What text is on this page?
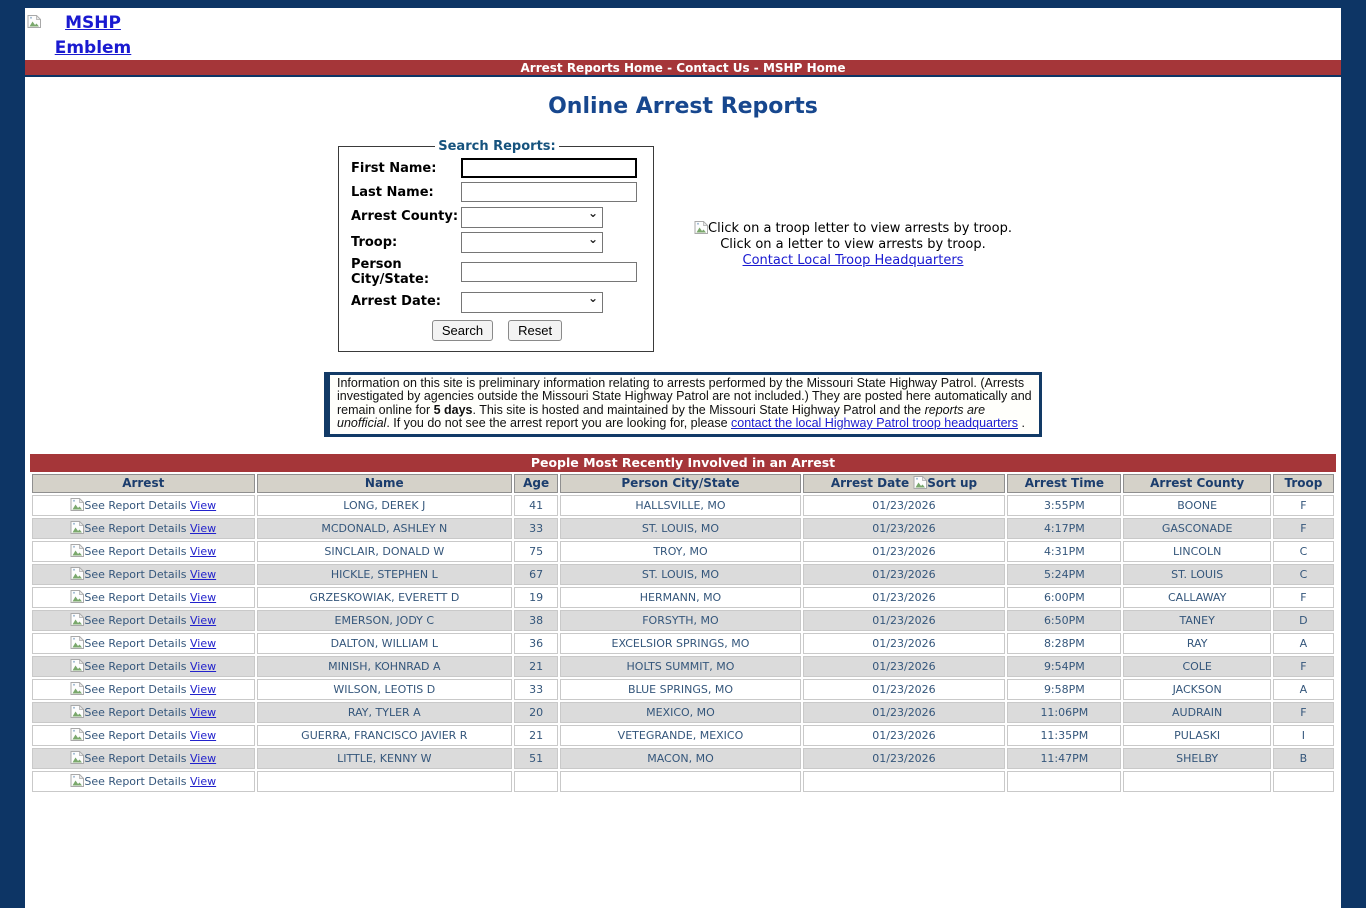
MSHP Emblem
Arrest Reports Home - Contact Us - MSHP Home
Online Arrest Reports
Search Reports:
First Name:
Last Name:
Arrest County:	⌄
Troop:	⌄
Person City/State:
Arrest Date:	⌄
Search	Reset
Click on a troop letter to view arrests by troop.
Click on a letter to view arrests by troop.
Contact Local Troop Headquarters
Information on this site is preliminary information relating to arrests performed by the Missouri State Highway Patrol. (Arrests investigated by agencies outside the Missouri State Highway Patrol are not included.) They are posted here automatically and remain online for 5 days. This site is hosted and maintained by the Missouri State Highway Patrol and the reports are unofficial. If you do not see the arrest report you are looking for, please contact the local Highway Patrol troop headquarters .
People Most Recently Involved in an Arrest
Arrest	Name	Age	Person City/State	Arrest Date Sort up	Arrest Time	Arrest County	Troop
See Report Details View	LONG, DEREK J	41	HALLSVILLE, MO	01/23/2026	3:55PM	BOONE	F
See Report Details View	MCDONALD, ASHLEY N	33	ST. LOUIS, MO	01/23/2026	4:17PM	GASCONADE	F
See Report Details View	SINCLAIR, DONALD W	75	TROY, MO	01/23/2026	4:31PM	LINCOLN	C
See Report Details View	HICKLE, STEPHEN L	67	ST. LOUIS, MO	01/23/2026	5:24PM	ST. LOUIS	C
See Report Details View	GRZESKOWIAK, EVERETT D	19	HERMANN, MO	01/23/2026	6:00PM	CALLAWAY	F
See Report Details View	EMERSON, JODY C	38	FORSYTH, MO	01/23/2026	6:50PM	TANEY	D
See Report Details View	DALTON, WILLIAM L	36	EXCELSIOR SPRINGS, MO	01/23/2026	8:28PM	RAY	A
See Report Details View	MINISH, KOHNRAD A	21	HOLTS SUMMIT, MO	01/23/2026	9:54PM	COLE	F
See Report Details View	WILSON, LEOTIS D	33	BLUE SPRINGS, MO	01/23/2026	9:58PM	JACKSON	A
See Report Details View	RAY, TYLER A	20	MEXICO, MO	01/23/2026	11:06PM	AUDRAIN	F
See Report Details View	GUERRA, FRANCISCO JAVIER R	21	VETEGRANDE, MEXICO	01/23/2026	11:35PM	PULASKI	I
See Report Details View	LITTLE, KENNY W	51	MACON, MO	01/23/2026	11:47PM	SHELBY	B
See Report Details View							
